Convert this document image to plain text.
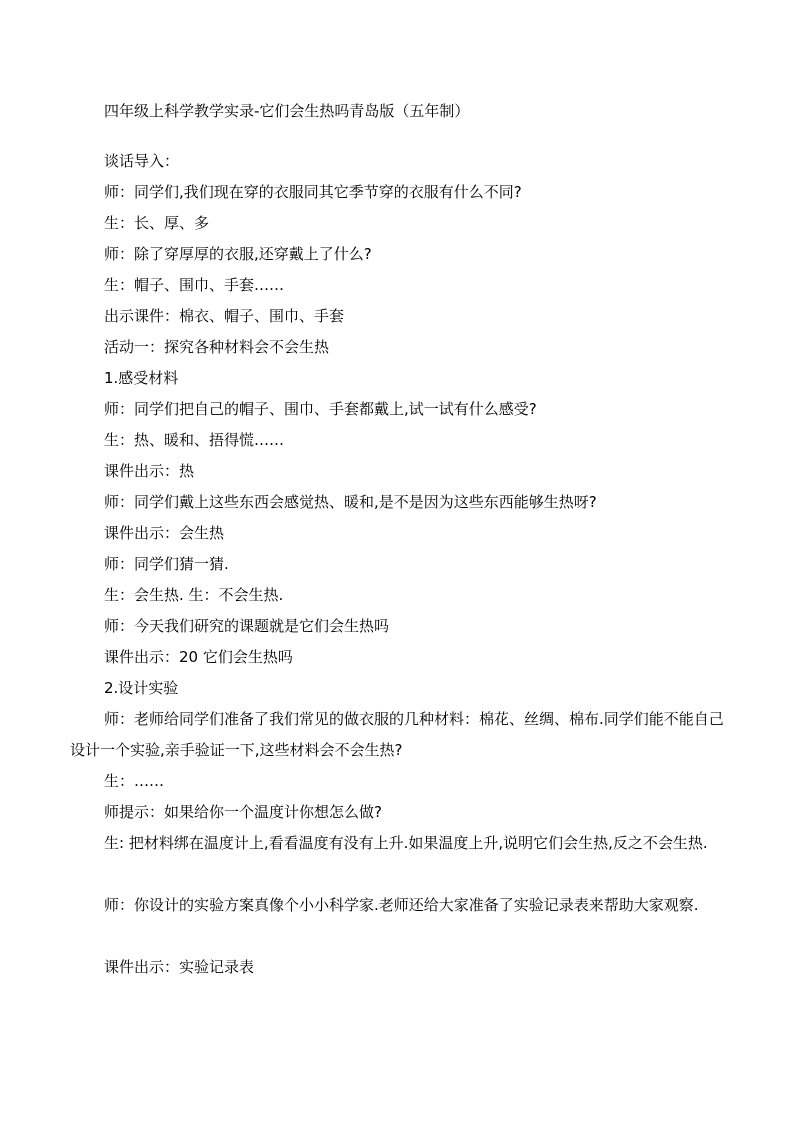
四年级上科学教学实录-它们会生热吗青岛版（五年制）
谈话导入：
师：同学们,我们现在穿的衣服同其它季节穿的衣服有什么不同?
生：长、厚、多
师：除了穿厚厚的衣服,还穿戴上了什么?
生：帽子、围巾、手套……
出示课件：棉衣、帽子、围巾、手套
活动一：探究各种材料会不会生热
1.感受材料
师：同学们把自己的帽子、围巾、手套都戴上,试一试有什么感受?
生：热、暖和、捂得慌……
课件出示：热
师：同学们戴上这些东西会感觉热、暖和,是不是因为这些东西能够生热呀?
课件出示：会生热
师：同学们猜一猜.
生：会生热. 生：不会生热.
师：今天我们研究的课题就是它们会生热吗
课件出示：20 它们会生热吗
2.设计实验
师：老师给同学们准备了我们常见的做衣服的几种材料：棉花、丝绸、棉布.同学们能不能自己设计一个实验,亲手验证一下,这些材料会不会生热?
生：……
师提示：如果给你一个温度计你想怎么做?
生: 把材料绑在温度计上,看看温度有没有上升.如果温度上升,说明它们会生热,反之不会生热.
师：你设计的实验方案真像个小小科学家.老师还给大家准备了实验记录表来帮助大家观察.
课件出示：实验记录表
